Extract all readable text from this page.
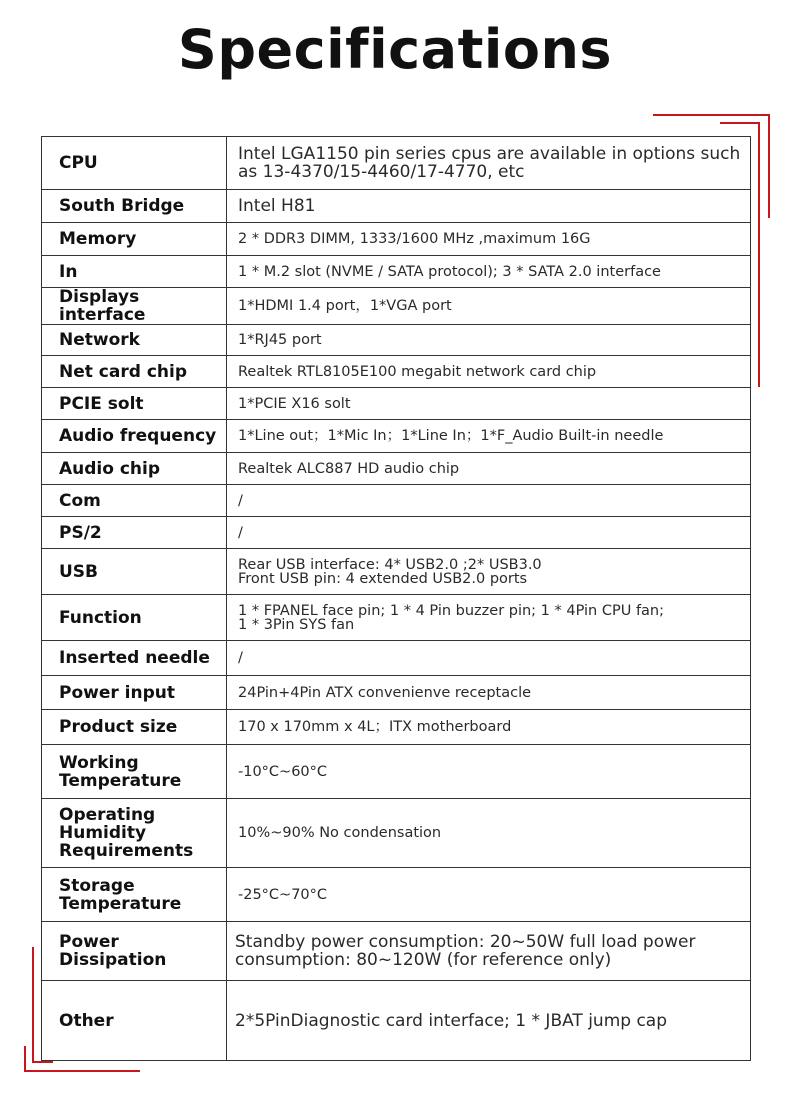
Specifications
CPU	Intel LGA1150 pin series cpus are available in options such as 13-4370/15-4460/17-4770, etc
South Bridge	Intel H81
Memory	2 * DDR3 DIMM, 1333/1600 MHz ,maximum 16G
In	1 * M.2 slot (NVME / SATA protocol); 3 * SATA 2.0 interface
Displays interface	1*HDMI 1.4 port，1*VGA port
Network	1*RJ45 port
Net card chip	Realtek RTL8105E100 megabit network card chip
PCIE solt	1*PCIE X16 solt
Audio frequency	1*Line out；1*Mic In；1*Line In；1*F_Audio Built-in needle
Audio chip	Realtek ALC887 HD audio chip
Com	/
PS/2	/
USB	Rear USB interface: 4* USB2.0 ;2* USB3.0
Front USB pin: 4 extended USB2.0 ports
Function	1 * FPANEL face pin; 1 * 4 Pin buzzer pin; 1 * 4Pin CPU fan;
1 * 3Pin SYS fan
Inserted needle	/
Power input	24Pin+4Pin ATX convenienve receptacle
Product size	170 x 170mm x 4L；ITX motherboard
Working
Temperature	-10°C~60°C
Operating
Humidity
Requirements	10%~90% No condensation
Storage
Temperature	-25°C~70°C
Power Dissipation	Standby power consumption: 20~50W full load power consumption: 80~120W (for reference only)
Other	2*5PinDiagnostic card interface; 1 * JBAT jump cap
